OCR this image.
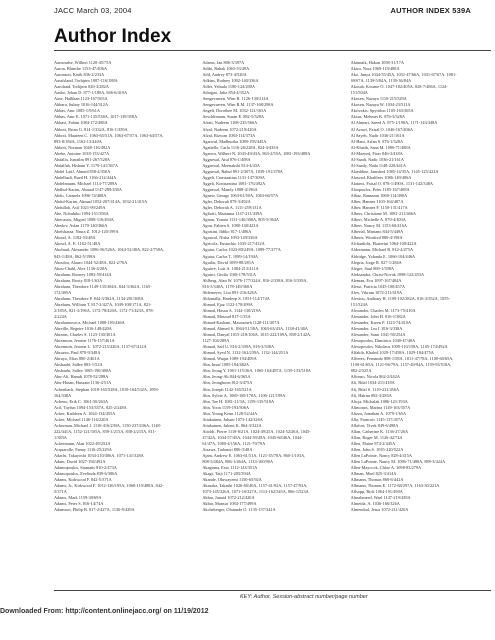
JACC March 03, 2004	AUTHOR INDEX 539A
Author Index
Aarnoudse, Wilbert 1120-45/75A
Aaron, Blanche 1153-47/406A
Aaronson, Keith 836-2/233A
Aasrfsland, Torbjørn 1087-116/188A
Aaroland, Torbjørn 826-3/282A
Aasbo, Johan D. 877-1/180A, 846-6/419A
Aase, Hallikan 1123-167/503A
Abbara, Suhny 1016-144/312A
Abbas, Amr 1085-1/9/61A
Abbas, Amr E. 1071-135/538A, 1017-139/358A
Abbasi, Fahim 1084-172/488A
Abbott, Brian G. 814-1/332A, 816-1/359A
Abbott, Maureen C. 1063-65/51A, 1063-67/57A, 1063-64/57A,
893-8/184A, 1162-13/440A
Abbott, Norman 1048-116/492A
Abebe, Antoine 1018-153/427A
Abdalla, Ismailm 891-267/528A
Abdallah, Hisham Y. 1170-141/367A
Abdel Latif, Ahmed 858-4/350A
Abdelhadi, Raed H. 1166-212/444A
Abdelmaum, Michael 1114-77/289A
Abdhul-Karim, Ahmad 1147-289/430A
Abdo, Carmela 1096-74/488A
Abdul-Karim, Ahmad 1052-207/414A, 1032-21/415A
Abdullah, Asif 1021-99/249A
Abe, Nobuhiko 1094-151/356A
Abecassis, Miguel 1088-116/494A
Abedov, Aslan 1170-140/366A
Abelsharaa, Nasra Z. 1012-120/199A
Aboud, A. 1182-53/48A
Aboud, A. E. 1162-51/48A
Abolnud, Alexander 1086-56/526A, 1044-52/48A, 822-2/758A,
843-1/48A, 862-5/198A
Abouloa, Alauro 1044-52/48A, 822-2/76A
Abou-Chahl, Alex 1136-4/28A
Abraham, Rooney 1083-59/414A
Abraham, Rooty 818-1/63A
Abraham, Theodore 1149-135/384A, 844-3/362A, 1165-
172/495A
Abraham, Theodore P. 844-3/362A, 1134-281/308A
Abraham, William T. 817-2/427A, 1049-108/171A, 821-
2/185A, 821-3/196A, 1172-78/420A, 1172-71/423A, 878-
2/224A
Abrahamowicz, Michael 1008-105/446A
Abreille, Regeire 1016-148/420A
Abrams, Charles S. 1123-130/301A
Abramson, Jerome 1176-157/461A
Abramson, Jerome L. 1072-215/420A, 1137-67/412A
Abruzzo, Paul 870-9/348A
Abruyo, Elias 880-2/461A
Abshaahi, Sallee 883-1/52A
Abshaahi, Sallee 1085-190/400A
Abu-Ali, Hamdi 1078-52/288A
Abu-Hasan, Hussain 1136-4/51A
Achenbach, Stephan 1018-165/528A, 1018-164/532A, 1093-
164/338A
Acheno, Erik C. 1061-50/263A
Acil, Tayfun 1094-153/337A, 825-2/248A
Acker, Kathleen A. 1024-134/455A
Acker, Michael 1146-116/220A
Ackerman, Michael J. 1116-416/239A, 1150-237/436A, 1148-
222/441A, 1152-121/105A, 839-1/215A, 838-2/215A, 811-
1/383A
Ackermann, Alan 1022-49/252A
Acquarolle, Fanny 1116-25/229A
Adachi, Takayoshi 1034-210/306A, 1071-141/328A
Adam, David 1027-194/492A
Adamopoulos, Stamatis 810-2/473A
Adamopoulos, Evelinda 839-6/386A
Adams, Kirkwood F. 842-5/371A
Adams, Jr., Kirkwood F. 1012-126/195A, 1068-119/488A, 842-
5/371A
Adams, Mark 1159-30/69A
Adams, Peter S. 816-14/74A
Adamson, Philip B. 817-2/427A, 1136-9/429A
Adams, Jan 806-3/397A
Adibi, Babak 1063-53/49A
Adil, Audrey 873-4/520A
Adkins, Rodney 1092-140/336A
Adler, Yehuda 1180-124/200A
Adragao, Julia 854-4/352A
Aengevaeren, Wim R. 1126-130/214A
Aengevaeren, Wim R.M. 1137-168/298A
Angeli, Dorothee M. 1032-121/165A
Aeschlimann, Susan E. 882-5/528A
Afrati, Nadeem 1168-235/566A
Afzal, Nadeem 1072-219/420A
Afzal, Rizwan 1084-114/373A
Agarwal, Madhurika 1089-195/445A
Agatiello, Carla 1116-26/228A, 824-4/435A
Agarwa, Wilbert N. 1043-49/43A, 863-2/55A, 1081-193/488A
Aggarwal, Atul 876-1/408A
Aggarwal, Meenakshi 814-4/43A
Aggarwal, Rahul 891-2/307A, 1039-191/378A
Aggeli, Constantina 1131-147/309A
Aggeli, Konstantina 1081-176/492A
Aggarwal, Mandy 1088-4/196A
Agnew, George 1063-61/50A, 1063-66/57A
Agler, Deborah 879-3/492A
Agler, Deborah A. 1111-259/131A
Agliotti, Marianna 1147-211/439A
Agnon, Yonata 1131-146/308A, 805-5/364A
Agon, Fabien S. 1080-138/423A
Agostini, Ildiko 817-1/486A
Agrawal, Nisha 1093-149/336A
Agricola, Eustachio 1035-217/412A
Aguiar, Carlos 1023-80/249A, 1089-77/277A
Aguiar, Carlos T. 1089-14/194A
Aguilar, David 1099-88/281A
Aguirre, Luis A. 1084-213/411A
Aguirri, Giulia 1168-178/531A
Ahlberg, Alan W. 1076-177/324A, 816-2/338A, 816-3/339A,
816-5/340A, 1178-149/360A
Ahlemeyer, Lisa 891-216/426A
Ahlomalla, Hardeep S. 1051-114/174A
Ahmad, Ejaz 1122-178/499A
Ahmad, Hasan A. 1144-130/219A
Ahmad, Masoud 817-1/35A
Ahmad-Kashani, Masoumeh 1128-111/207A
Ahmad, Ahmed S. 1064-51/30A, 1063-63/43A, 1138-41/40A
Ahmad, Danyal 1015-218/106A, 1015-222/109A, 858-2/142A,
1127-104/289A
Ahmad, Saif U. 816-2/339A, 816-3/338A
Ahmad, Syed N. 1132-162/239A, 1132-144/251A
Ahmad, Waqas 1089-194/409A
Ahn, Insuf 1085-194/482A
Ahn, Jeong Y. 1001-115/36A, 1065-164/487A, 1159-133/518A
Ahn, Jeong-Ah 844-6/365A
Ahn, Jeonghoon 812-3/475A
Ahn, Joseph 1142-165/521A
Ahn, Sylvie A. 1069-169/178A, 1106-121/199A
Ahn, Tae H. 1081-11/3A, 1159-135/518A
Ahn, Yoon 1159-193/506A
Ahn, Young Keun 1128-52/44A
Aitakainen, Juhani 1073-142/326A
Aitakainen, Juhani K. 864-3/322A
Aitoldi, Pierre 1118-8/21A, 1024-49/25A, 1024-52/26A, 1045-
47/42A, 1044-57/45A, 1044-59/49A, 1045-60/46A, 1044-
61/47A, 1080-4/156A, 1121-79/79A
Aizawa, Tadanori 886-3/48A
Ajam, Andrew E. 1063-61/51A, 1121-35/78A, 860-1/103A,
808-5/484A, 886-1/464A, 1133-160/90A
Akaguma, Esso 1112-143/351A
Akagi, Taiji 1171-205/594A
Akande, Oluwayemi 1150-65/92A
Akasaka, Takashi 1026-60/40A, 1157-41/92A, 1157-47/93A,
1073-145/326A, 1071-10/327A, 1113-162/545A, 866-1/523A
Akbar, Junaid 1072-212/420A
Akbar, Mansur 1084-177/499A
Akcheberger, Olaiunde O. 1135-157/342A
Akinnaik, Hakan 1058-31/17A
Akiru, Nora 1069-119/488A
Ako, Junya 1044-55/45A, 1031-47/66A, 1031-67/67A, 1081-
69/67A, 1139-5/84A, 1139-36/84A
Akosah, Kwame O. 1047-182/405A, 828-7/486A, 1124-
151/504A
Akosen, Nazaya 1110-215/529A
Akosen, Nazaya W. 1034-23/511A
Akrivakis, Spyridon 1105-163/365A
Aksus, Mehmet K. 876-3/328A
Al Ahmari, Saeed A. 875-1/198A, 1171-143/348A
Al Azawi, Faisal O. 1046-167/406A
Al Sayeh, Nadir 1036-21/161A
Al-Hani, Arfan S. 876-1/328A
Al-Khatib, Sana M. 1096-71/488A
Al-Mazyed, Firas 846-3/418A
Al-Saadi, Nadir 1036-21/161A
Al-Saady, Nada 1148-220/441A
Alaeddine, Jamshed 1085-14/35A, 1145-125/422A
Alasvad, Khalilees 1086-149/406A
Alatawi, Faisal O. 878-1/490A, 1131-142/348A
Alaopoulos, Peter 1185-167/408A
Albaz, Ramazan 1068-114/490A
Alber, Hannes 1103-164/487A
Alber, Hannes F. 1150-131/417A
Albers, Christiane M. 1081-211/466A
Albert, Michelle A. 870-4/403A
Albert, Nancy M. 1153-60/416A
Albertal, Mariano 844-5/449A
Alberts, Winifred 880-4/198A
Alchanlidis, Ekaterini 1064-100/422A
Aldermann, Michael B. 812-4/475A
Aldridge, Yolanda E. 1066-104/446A
Alegria, Jorge R. 827-1/284A
Alegre, Saul 869-1/398A
Aleksandra, Christ-Novak 1098-122/453A
Aleman, Eva 1097-167/484A
Alessi, Patricia 1045-100/457A
Alex, Vikram 1072-211/419A
Alexiou, Anthony H. 1109-102/282A, 816-3/352A, 1055-
151/324A
Alexander, Charles M. 1173-75/410A
Alexander, John H. 816-1/382A
Alexander, Karen P. 1123-74/410A
Alexander, Lea I. 816-3/338A
Alexander, Sami 1041-50/254A
Alexopoulos, Dimitrios 1040-47/40A
Alexopoulos, Nikolaos 1009-110/158A, 1105-174/492A
Alfakih, Khaled 1029-17/458A, 1029-184/475A
Alfieres, Fernando 808-1/58A, 1011-47/78A, 1100-60/65A,
1100-61/65A, 1121-96/79A, 1157-49/94A, 1159-93/518A,
882-2/525A
Alfonso, Nicola 862-2/442A
Ali, Bilal 1034-211/418A
Ali, Bilal S. 1119-231/456A
Ali, Hakim 882-3/285A
Alicja, Michalak 1086-121/193A
Alimonos, Marina 1149-163/357A
Alizza, Jonathan A. 1079-1/65A
Alla, Francois 1145-137/457A
Allafort, Vivek 849-6/498A
Allan, Catherine K. 1136-27/26A
Allan, Roger M. 1126-42/74A
Allen, Elaine 874-2/445A
Allen, John S. 1035-220/522A
Allen LaPointe, Nancy 828-4/415A
Allen LaPointe, Nancy M. 1096-71/488A, 889-3/424A
Allen-Maycock, Chloe A. 1098-83/279A
Allman, Meel 825-3/414A
Allmann, Thomas 868-6/442A
Allmann, Thomas E. 1172-68/297A, 1163-30/221A
Allsopp, Rick 1064-191/490A
Almahmeed, Wael 1147-219/438A
Almeida, A. 1036-166/326A
Almendral, Jesus 1072-211/420A
KEY: Author, Session-abstract number/page number
Downloaded From: http://content.onlinejacc.org/ on 11/19/2012
